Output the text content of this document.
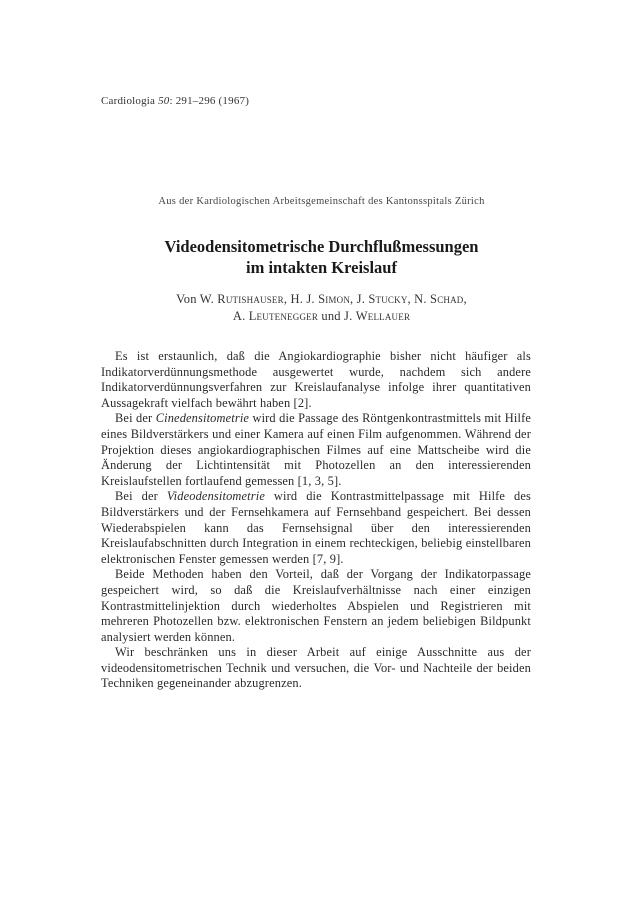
Cardiologia 50: 291–296 (1967)
Aus der Kardiologischen Arbeitsgemeinschaft des Kantonsspitals Zürich
Videodensitometrische Durchflußmessungen
im intakten Kreislauf
Von W. Rutishauser, H. J. Simon, J. Stucky, N. Schad,
A. Leutenegger und J. Wellauer

Es ist erstaunlich, daß die Angiokardiographie bisher nicht häufiger als Indikatorverdünnungsmethode ausgewertet wurde, nachdem sich andere Indikatorverdünnungsverfahren zur Kreislaufanalyse infolge ihrer quantitativen Aussagekraft vielfach bewährt haben [2].

Bei der Cinedensitometrie wird die Passage des Röntgenkontrastmittels mit Hilfe eines Bildverstärkers und einer Kamera auf einen Film aufgenommen. Während der Projektion dieses angiokardiographischen Filmes auf eine Mattscheibe wird die Änderung der Lichtintensität mit Photozellen an den interessierenden Kreislaufstellen fortlaufend gemessen [1, 3, 5].

Bei der Videodensitometrie wird die Kontrastmittelpassage mit Hilfe des Bildverstärkers und der Fernsehkamera auf Fernsehband gespeichert. Bei dessen Wiederabspielen kann das Fernsehsignal über den interessierenden Kreislaufabschnitten durch Integration in einem rechteckigen, beliebig einstellbaren elektronischen Fenster gemessen werden [7, 9].

Beide Methoden haben den Vorteil, daß der Vorgang der Indikatorpassage gespeichert wird, so daß die Kreislaufverhältnisse nach einer einzigen Kontrastmittelinjektion durch wiederholtes Abspielen und Registrieren mit mehreren Photozellen bzw. elektronischen Fenstern an jedem beliebigen Bildpunkt analysiert werden können.

Wir beschränken uns in dieser Arbeit auf einige Ausschnitte aus der videodensitometrischen Technik und versuchen, die Vor- und Nachteile der beiden Techniken gegeneinander abzugrenzen.
